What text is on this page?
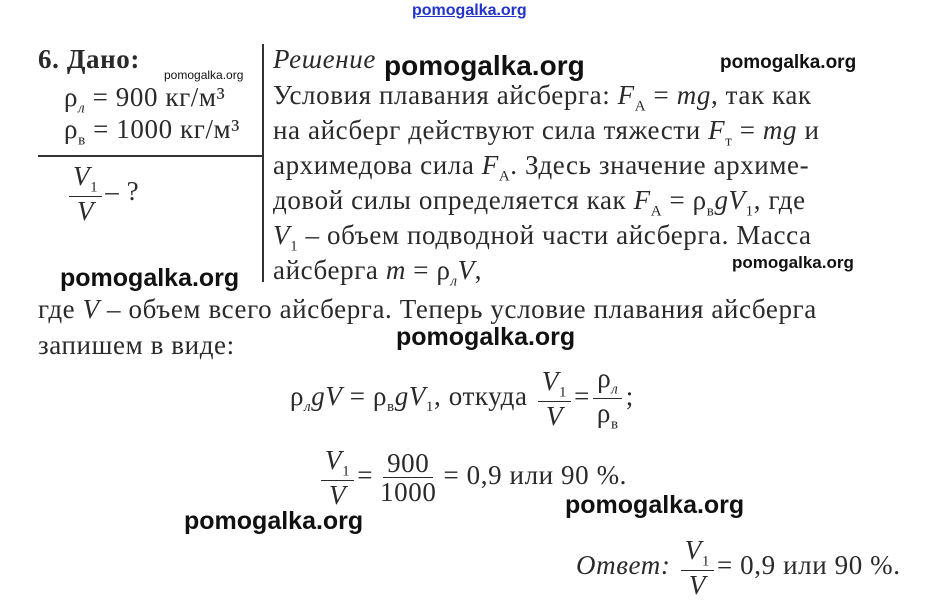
pomogalka.org
6. Дано:
$\rho_л = 900$ кг/м³
$\rho_в = 1000$ кг/м³
$\frac{V_1}{V}$ – ?
Решение
Условия плавания айсберга: $F_А$ = mg, так как
на айсберг действуют сила тяжести $F_т$ = mg и
архимедова сила $F_А$. Здесь значение архиме-
довой силы определяется как $F_А = \rho_вgV_1$, где
$V_1$ – объем подводной части айсберга. Масса
айсберга $m = \rho_лV$,
где V – объем всего айсберга. Теперь условие плавания айсберга
запишем в виде:
$\rho_лgV = \rho_вgV_1$, откуда $\frac{V_1}{V} = \frac{\rho_л}{\rho_в}$ ;
$\frac{V_1}{V} = \frac{900}{1000} = 0,9$ или 90 %.
Ответ: $\frac{V_1}{V} = 0,9$ или 90 %.
pomogalka.org	pomogalka.org	pomogalka.org
pomogalka.org
pomogalka.org
pomogalka.org
pomogalka.org
pomogalka.org
